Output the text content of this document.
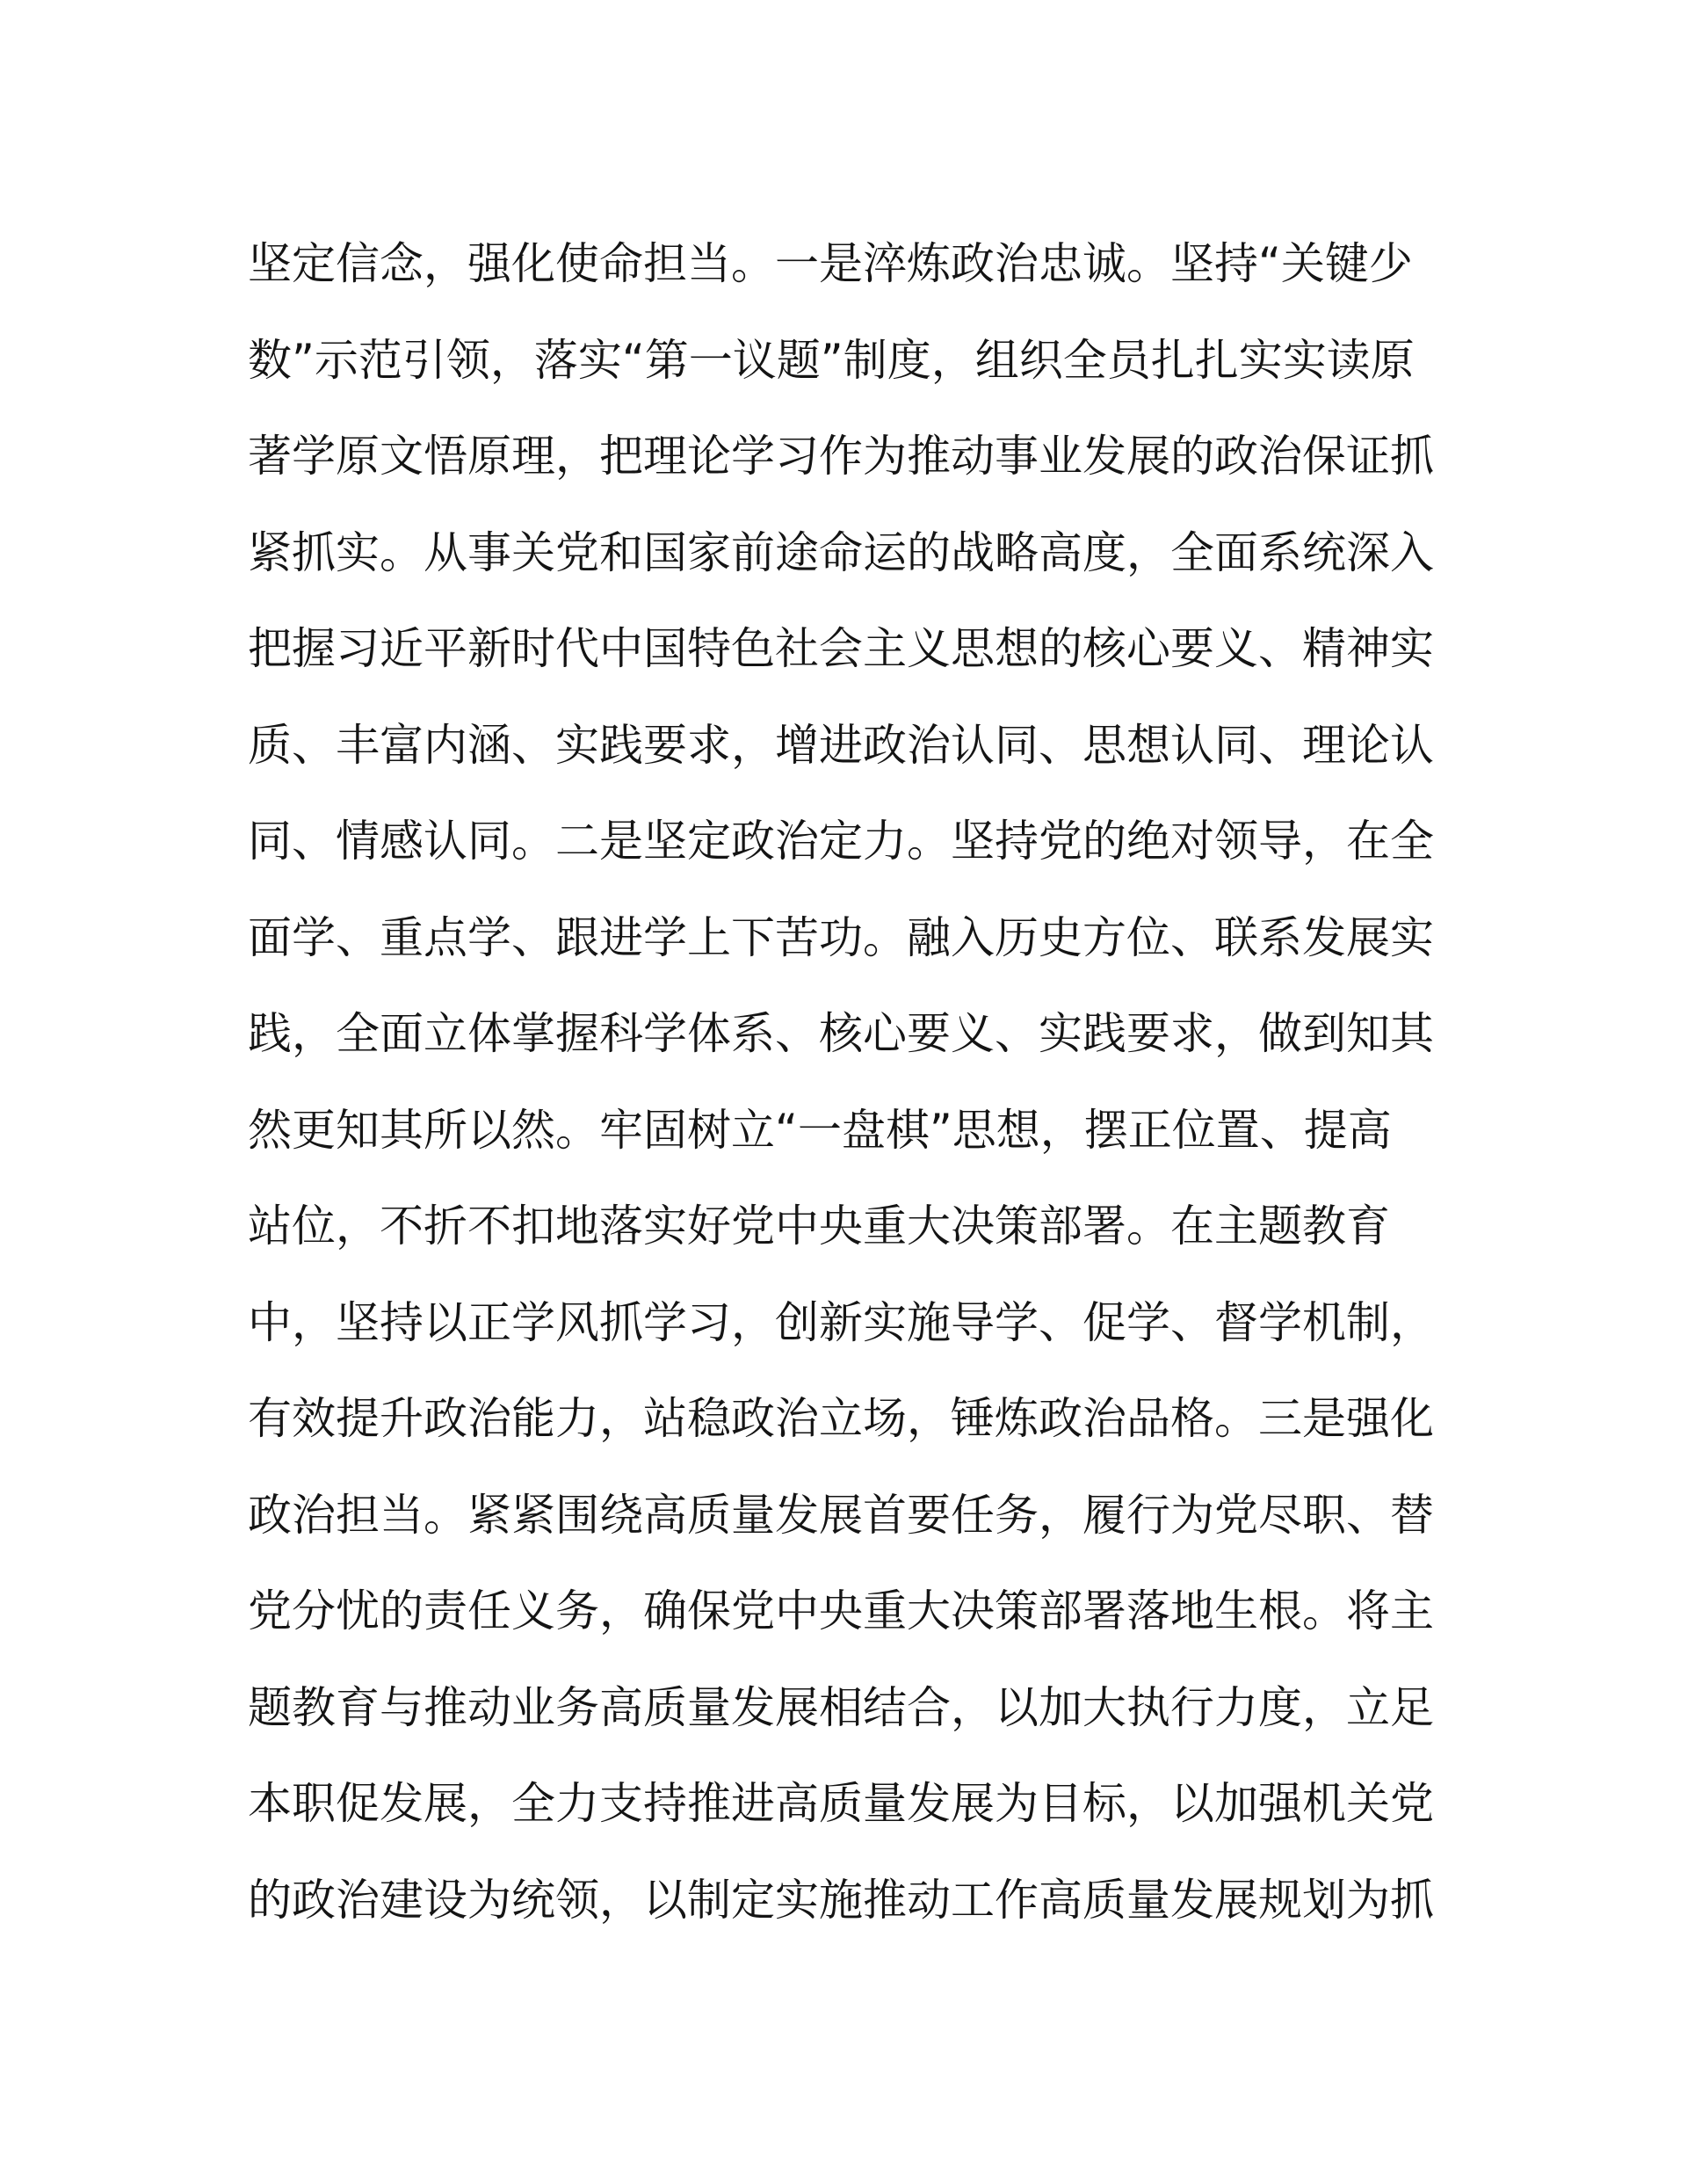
坚定信念，强化使命担当。一是淬炼政治忠诚。坚持“关键少
数”示范引领，落实“第一议题”制度，组织全员扎扎实实读原
著学原文悟原理，把理论学习作为推动事业发展的政治保证抓
紧抓实。从事关党和国家前途命运的战略高度，全面系统深入
把握习近平新时代中国特色社会主义思想的核心要义、精神实
质、丰富内涵、实践要求，增进政治认同、思想认同、理论认
同、情感认同。二是坚定政治定力。坚持党的绝对领导，在全
面学、重点学、跟进学上下苦功。融入历史方位、联系发展实
践，全面立体掌握科学体系、核心要义、实践要求，做到知其
然更知其所以然。牢固树立“一盘棋”思想，摆正位置、提高
站位，不折不扣地落实好党中央重大决策部署。在主题教育
中，坚持以正学风抓学习，创新实施导学、促学、督学机制，
有效提升政治能力，站稳政治立场，锤炼政治品格。三是强化
政治担当。紧紧围绕高质量发展首要任务，履行为党尽职、替
党分忧的责任义务，确保党中央重大决策部署落地生根。将主
题教育与推动业务高质量发展相结合，以加大执行力度，立足
本职促发展，全力支持推进高质量发展为目标，以加强机关党
的政治建设为统领，以制定实施推动工作高质量发展规划为抓
